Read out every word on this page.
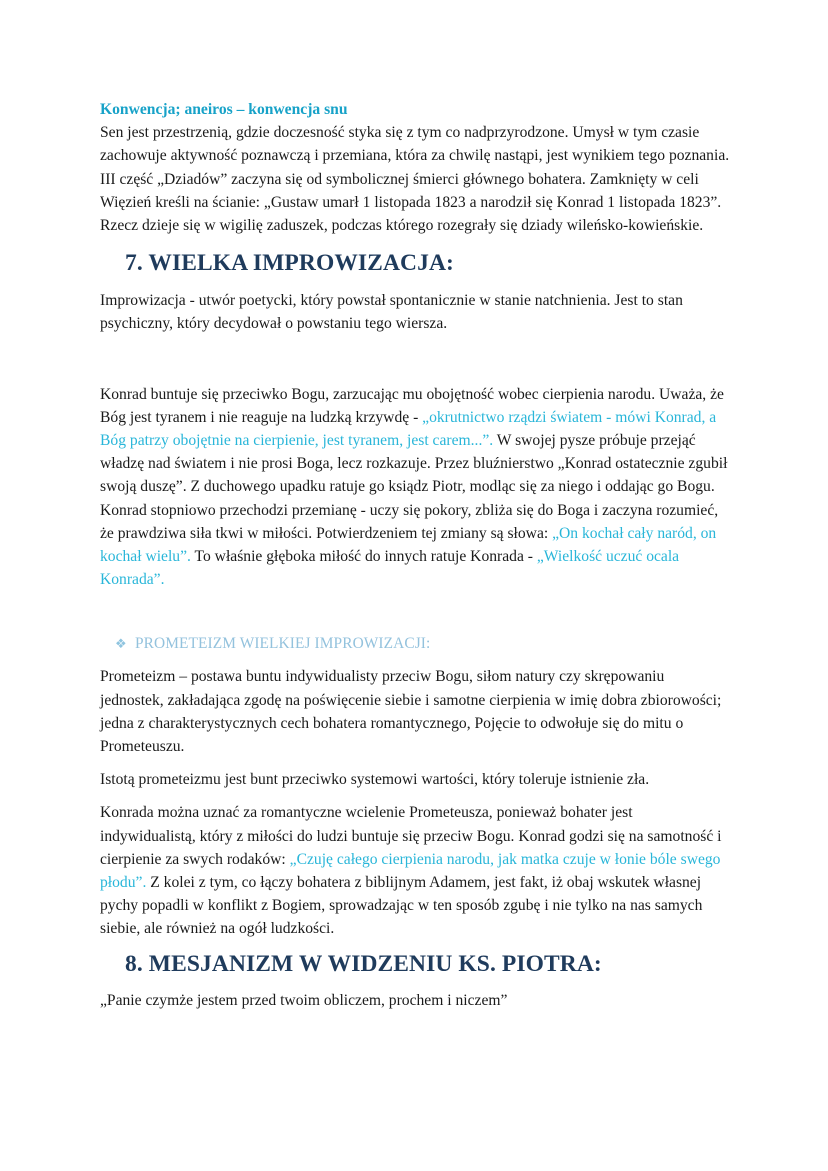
Konwencja; aneiros – konwencja snu

Sen jest przestrzenią, gdzie doczesność styka się z tym co nadprzyrodzone. Umysł w tym czasie zachowuje aktywność poznawczą i przemiana, która za chwilę nastąpi, jest wynikiem tego poznania.

III część „Dziadów” zaczyna się od symbolicznej śmierci głównego bohatera. Zamknięty w celi Więzień kreśli na ścianie: „Gustaw umarł 1 listopada 1823 a narodził się Konrad 1 listopada 1823”. Rzecz dzieje się w wigilię zaduszek, podczas którego rozegrały się dziady wileńsko-kowieńskie.

7. WIELKA IMPROWIZACJA:

Improwizacja - utwór poetycki, który powstał spontanicznie w stanie natchnienia. Jest to stan psychiczny, który decydował o powstaniu tego wiersza.

Konrad buntuje się przeciwko Bogu, zarzucając mu obojętność wobec cierpienia narodu. Uważa, że Bóg jest tyranem i nie reaguje na ludzką krzywdę - „okrutnictwo rządzi światem - mówi Konrad, a Bóg patrzy obojętnie na cierpienie, jest tyranem, jest carem...”. W swojej pysze próbuje przejąć władzę nad światem i nie prosi Boga, lecz rozkazuje. Przez bluźnierstwo „Konrad ostatecznie zgubił swoją duszę”. Z duchowego upadku ratuje go ksiądz Piotr, modląc się za niego i oddając go Bogu. Konrad stopniowo przechodzi przemianę - uczy się pokory, zbliża się do Boga i zaczyna rozumieć, że prawdziwa siła tkwi w miłości. Potwierdzeniem tej zmiany są słowa: „On kochał cały naród, on kochał wielu”. To właśnie głęboka miłość do innych ratuje Konrada - „Wielkość uczuć ocala Konrada”.

❖ PROMETEIZM WIELKIEJ IMPROWIZACJI:

Prometeizm – postawa buntu indywidualisty przeciw Bogu, siłom natury czy skrępowaniu jednostek, zakładająca zgodę na poświęcenie siebie i samotne cierpienia w imię dobra zbiorowości; jedna z charakterystycznych cech bohatera romantycznego, Pojęcie to odwołuje się do mitu o Prometeuszu.

Istotą prometeizmu jest bunt przeciwko systemowi wartości, który toleruje istnienie zła.

Konrada można uznać za romantyczne wcielenie Prometeusza, ponieważ bohater jest indywidualistą, który z miłości do ludzi buntuje się przeciw Bogu. Konrad godzi się na samotność i cierpienie za swych rodaków: „Czuję całego cierpienia narodu, jak matka czuje w łonie bóle swego płodu”. Z kolei z tym, co łączy bohatera z biblijnym Adamem, jest fakt, iż obaj wskutek własnej pychy popadli w konflikt z Bogiem, sprowadzając w ten sposób zgubę i nie tylko na nas samych siebie, ale również na ogół ludzkości.

8. MESJANIZM W WIDZENIU KS. PIOTRA:

„Panie czymże jestem przed twoim obliczem, prochem i niczem”
